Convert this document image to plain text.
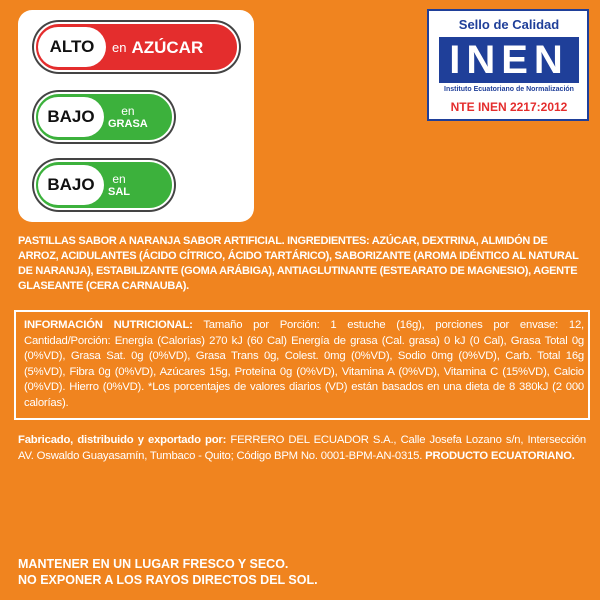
ALTO	en AZÚCAR
BAJO	en
GRASA
BAJO	en
SAL
Sello de Calidad
INEN
Instituto Ecuatoriano de Normalización
NTE INEN 2217:2012
PASTILLAS SABOR A NARANJA SABOR ARTIFICIAL. INGREDIENTES: AZÚCAR, DEXTRINA, ALMIDÓN DE ARROZ, ACIDULANTES (ÁCIDO CÍTRICO, ÁCIDO TARTÁRICO), SABORIZANTE (AROMA IDÉNTICO AL NATURAL DE NARANJA), ESTABILIZANTE (GOMA ARÁBIGA), ANTIAGLUTINANTE (ESTEARATO DE MAGNESIO), AGENTE GLASEANTE (CERA CARNAUBA).
INFORMACIÓN NUTRICIONAL: Tamaño por Porción: 1 estuche (16g), porciones por envase: 12, Cantidad/Porción: Energía (Calorías) 270 kJ (60 Cal) Energía de grasa (Cal. grasa) 0 kJ (0 Cal), Grasa Total 0g (0%VD), Grasa Sat. 0g (0%VD), Grasa Trans 0g, Colest. 0mg (0%VD), Sodio 0mg (0%VD), Carb. Total 16g (5%VD), Fibra 0g (0%VD), Azúcares 15g, Proteína 0g (0%VD), Vitamina A (0%VD), Vitamina C (15%VD), Calcio (0%VD). Hierro (0%VD). *Los porcentajes de valores diarios (VD) están basados en una dieta de 8 380kJ (2 000 calorías).
Fabricado, distribuido y exportado por: FERRERO DEL ECUADOR S.A., Calle Josefa Lozano s/n, Intersección AV. Oswaldo Guayasamín, Tumbaco - Quito; Código BPM No. 0001-BPM-AN-0315. PRODUCTO ECUATORIANO.
MANTENER EN UN LUGAR FRESCO Y SECO.
NO EXPONER A LOS RAYOS DIRECTOS DEL SOL.
